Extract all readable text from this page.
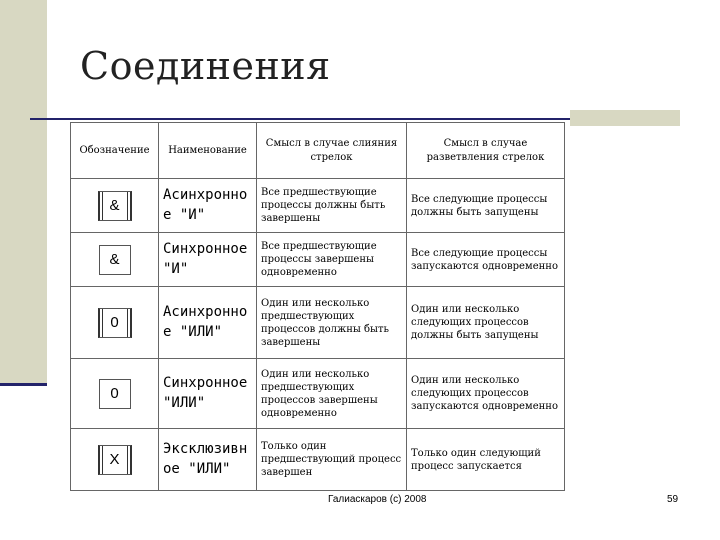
Соединения
Обозначение	Наименование	Смысл в случае слияния стрелок	Смысл в случае разветвления стрелок

&	Асинхронное "И"	Все предшествующие процессы должны быть завершены	Все следующие процессы должны быть запущены

&	Синхронное "И"	Все предшествующие процессы завершены одновременно	Все следующие процессы запускаются одновременно

0	Асинхронное "ИЛИ"	Один или несколько предшествующих процессов должны быть завершены	Один или несколько следующих процессов должны быть запущены

0	Синхронное "ИЛИ"	Один или несколько предшествующих процессов завершены одновременно	Один или несколько следующих процессов запускаются одновременно

X	Эксклюзивное "ИЛИ"	Только один предшествующий процесс завершен	Только один следующий процесс запускается
Галиаскаров (с) 2008	59
